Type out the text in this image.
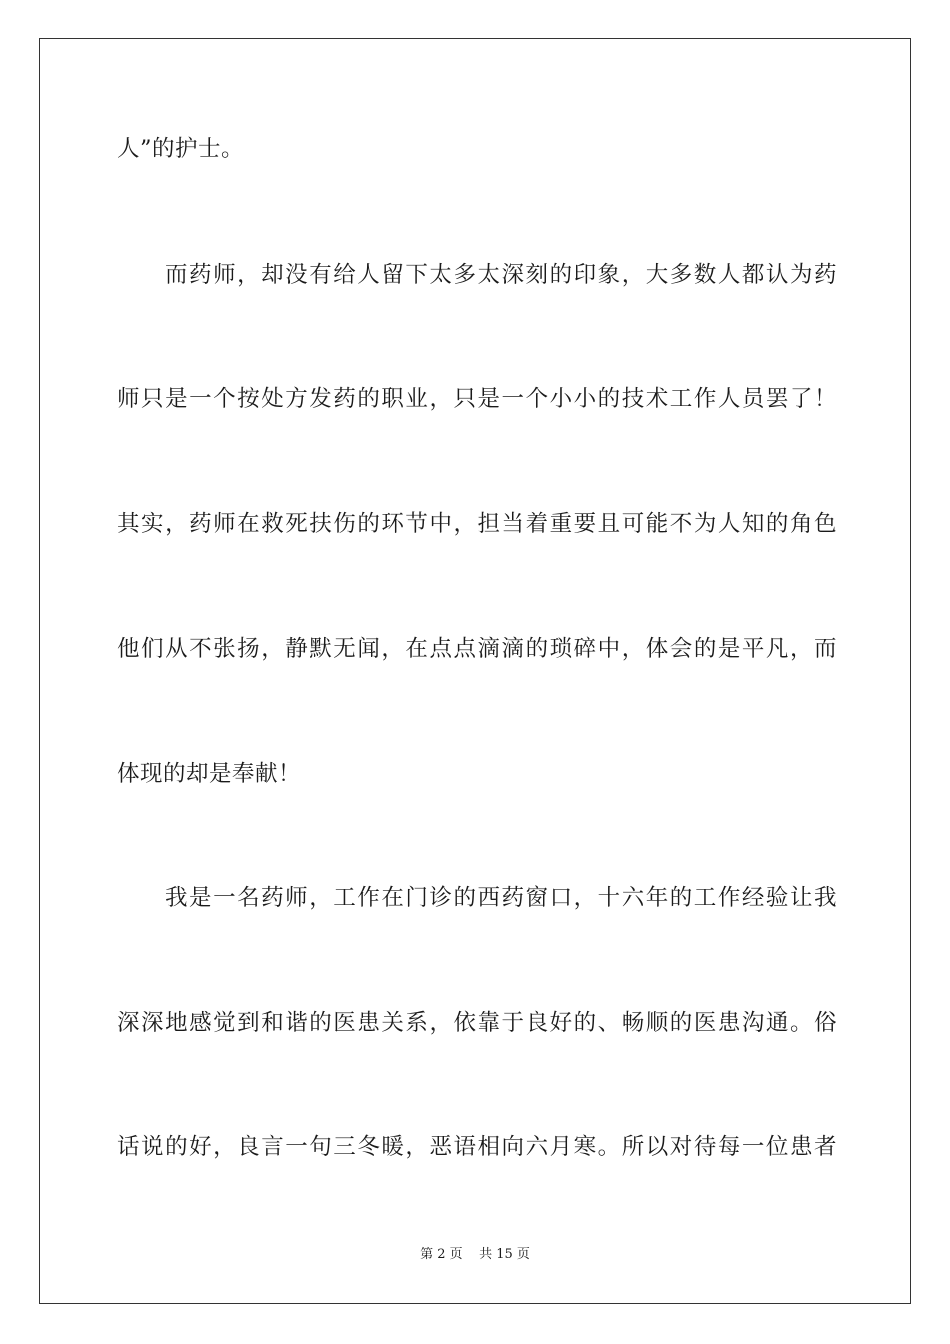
人”的护士。
而药师，却没有给人留下太多太深刻的印象，大多数人都认为药
师只是一个按处方发药的职业，只是一个小小的技术工作人员罢了！
其实，药师在救死扶伤的环节中，担当着重要且可能不为人知的角色
他们从不张扬，静默无闻，在点点滴滴的琐碎中，体会的是平凡，而
体现的却是奉献！
我是一名药师，工作在门诊的西药窗口，十六年的工作经验让我
深深地感觉到和谐的医患关系，依靠于良好的、畅顺的医患沟通。俗
话说的好，良言一句三冬暖，恶语相向六月寒。所以对待每一位患者
第 2 页    共 15 页
